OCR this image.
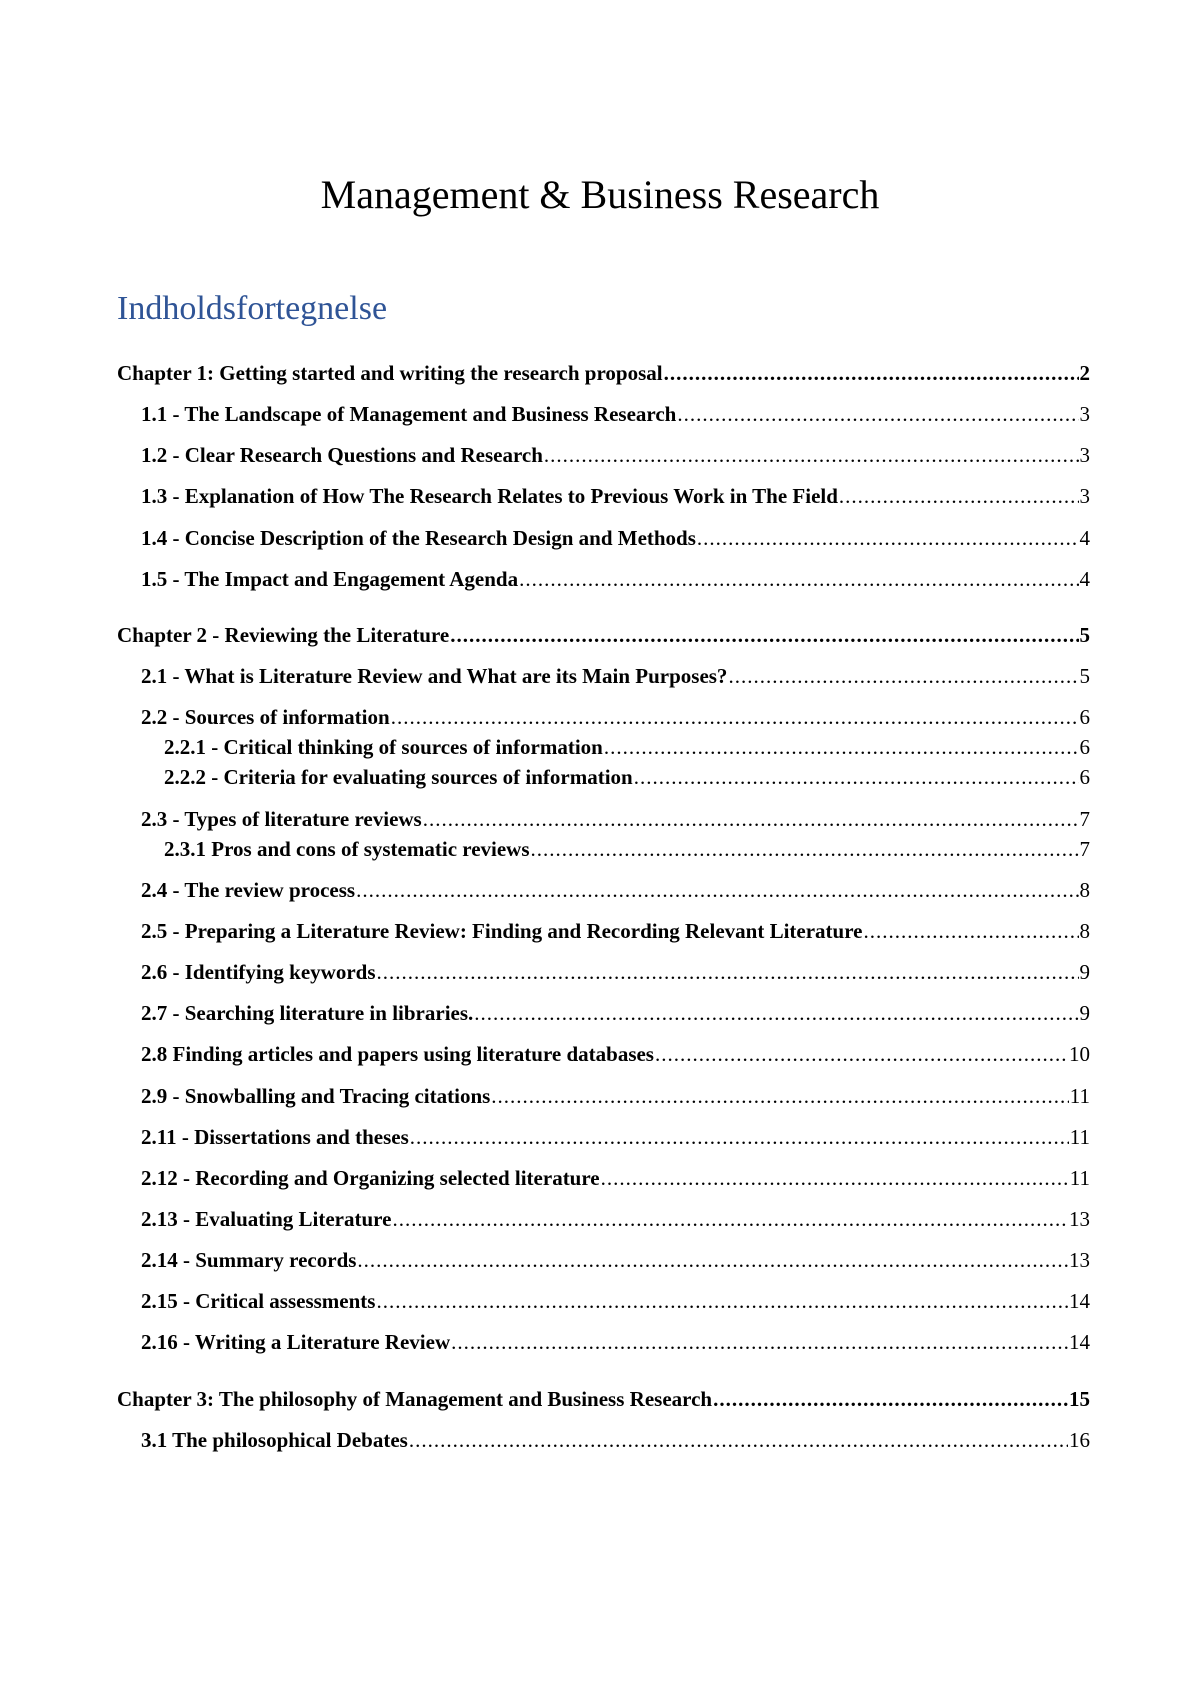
Management & Business Research
Indholdsfortegnelse
Chapter 1: Getting started and writing the research proposal .....	2
1.1 - The Landscape of Management and Business Research .....	3
1.2 - Clear Research Questions and Research .....	3
1.3 - Explanation of How The Research Relates to Previous Work in The Field .....	3
1.4 - Concise Description of the Research Design and Methods .....	4
1.5 - The Impact and Engagement Agenda .....	4
Chapter 2 - Reviewing the Literature .....	5
2.1 - What is Literature Review and What are its Main Purposes? .....	5
2.2 - Sources of information .....	6
2.2.1 - Critical thinking of sources of information .....	6
2.2.2 - Criteria for evaluating sources of information .....	6
2.3 - Types of literature reviews .....	7
2.3.1 Pros and cons of systematic reviews .....	7
2.4 - The review process .....	8
2.5 - Preparing a Literature Review: Finding and Recording Relevant Literature .....	8
2.6 - Identifying keywords .....	9
2.7 - Searching literature in libraries. .....	9
2.8 Finding articles and papers using literature databases .....	10
2.9 - Snowballing and Tracing citations .....	11
2.11 - Dissertations and theses .....	11
2.12 - Recording and Organizing selected literature .....	11
2.13 - Evaluating Literature .....	13
2.14 - Summary records .....	13
2.15 - Critical assessments .....	14
2.16 - Writing a Literature Review .....	14
Chapter 3: The philosophy of Management and Business Research .....	15
3.1 The philosophical Debates .....	16
